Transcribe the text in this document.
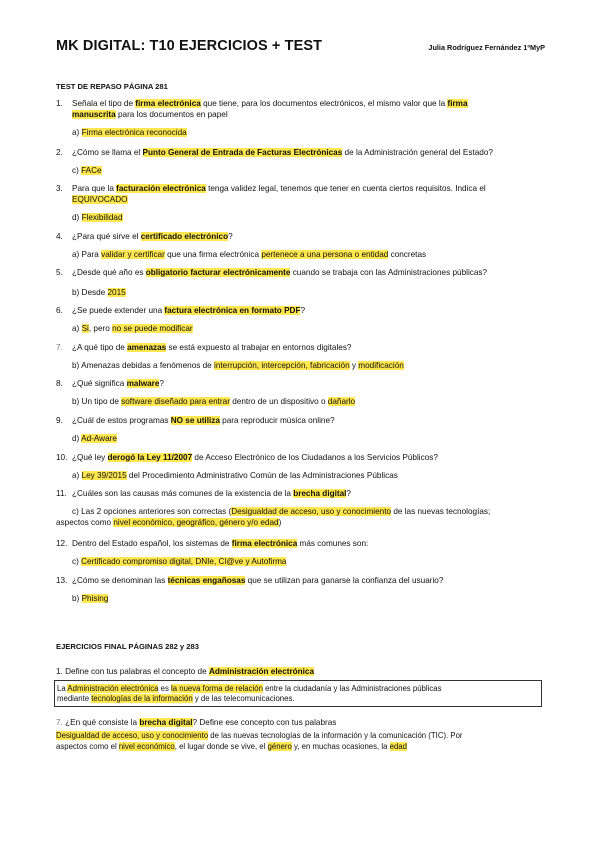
MK DIGITAL: T10 EJERCICIOS + TEST	Julia Rodríguez Fernández 1ºMyP
TEST DE REPASO PÁGINA 281
1. Señala el tipo de firma electrónica que tiene, para los documentos electrónicos, el mismo valor que la firma
manuscrita para los documentos en papel
a) Firma electrónica reconocida
2. ¿Cómo se llama el Punto General de Entrada de Facturas Electrónicas de la Administración general del Estado?
c) FACe
3. Para que la facturación electrónica tenga validez legal, tenemos que tener en cuenta ciertos requisitos. Indica el
EQUIVOCADO
d) Flexibilidad
4. ¿Para qué sirve el certificado electrónico?
a) Para validar y certificar que una firma electrónica pertenece a una persona o entidad concretas
5. ¿Desde qué año es obligatorio facturar electrónicamente cuando se trabaja con las Administraciones públicas?
b) Desde 2015
6. ¿Se puede extender una factura electrónica en formato PDF?
a) Si, pero no se puede modificar
7. ¿A qué tipo de amenazas se está expuesto al trabajar en entornos digitales?
b) Amenazas debidas a fenómenos de interrupción, intercepción, fabricación y modificación
8. ¿Qué significa malware?
b) Un tipo de software diseñado para entrar dentro de un dispositivo o dañarlo
9. ¿Cuál de estos programas NO se utiliza para reproducir música online?
d) Ad-Aware
10. ¿Qué ley derogó la Ley 11/2007 de Acceso Electrónico de los Ciudadanos a los Servicios Públicos?
a) Ley 39/2015 del Procedimiento Administrativo Común de las Administraciones Públicas
11. ¿Cuáles son las causas más comunes de la existencia de la brecha digital?
c) Las 2 opciones anteriores son correctas (Desigualdad de acceso, uso y conocimiento de las nuevas tecnologías;
aspectos como nivel económico, geográfico, género y/o edad)
12. Dentro del Estado español, los sistemas de firma electrónica más comunes son:
c) Certificado compromiso digital, DNIe, Cl@ve y Autofirma
13. ¿Cómo se denominan las técnicas engañosas que se utilizan para ganarse la confianza del usuario?
b) Phising
EJERCICIOS FINAL PÁGINAS 282 y 283
1. Define con tus palabras el concepto de Administración electrónica
La Administración electrónica es la nueva forma de relación entre la ciudadanía y las Administraciones públicas
mediante tecnologías de la información y de las telecomunicaciones.
7. ¿En qué consiste la brecha digital? Define ese concepto con tus palabras
Desigualdad de acceso, uso y conocimiento de las nuevas tecnologías de la información y la comunicación (TIC). Por
aspectos como el nivel económico, el lugar donde se vive, el género y, en muchas ocasiones, la edad
